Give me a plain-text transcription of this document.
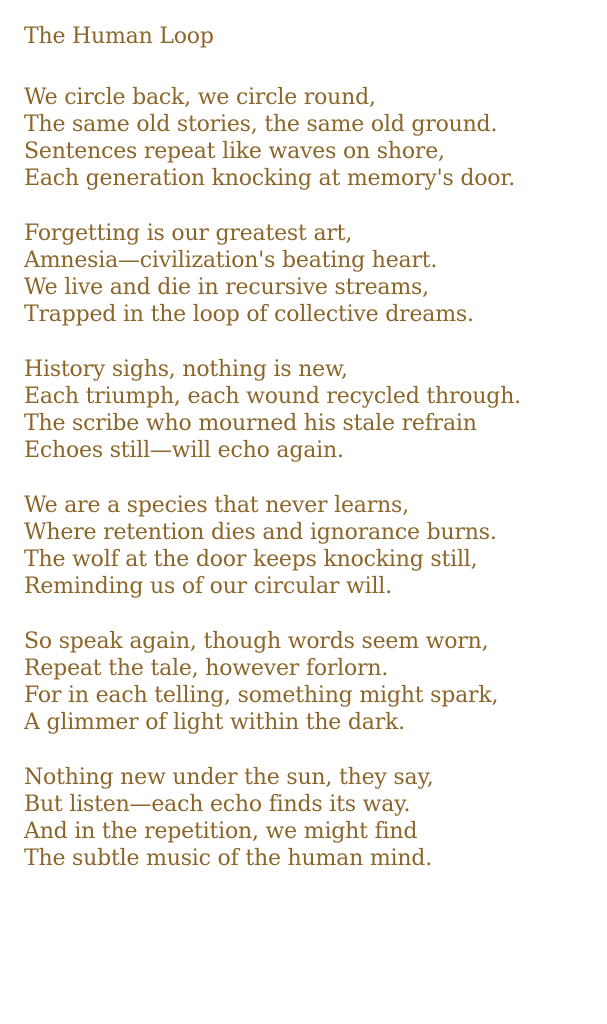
The Human Loop
We circle back, we circle round,
The same old stories, the same old ground.
Sentences repeat like waves on shore,
Each generation knocking at memory's door.
Forgetting is our greatest art,
Amnesia—civilization's beating heart.
We live and die in recursive streams,
Trapped in the loop of collective dreams.
History sighs, nothing is new,
Each triumph, each wound recycled through.
The scribe who mourned his stale refrain
Echoes still—will echo again.
We are a species that never learns,
Where retention dies and ignorance burns.
The wolf at the door keeps knocking still,
Reminding us of our circular will.
So speak again, though words seem worn,
Repeat the tale, however forlorn.
For in each telling, something might spark,
A glimmer of light within the dark.
Nothing new under the sun, they say,
But listen—each echo finds its way.
And in the repetition, we might find
The subtle music of the human mind.
